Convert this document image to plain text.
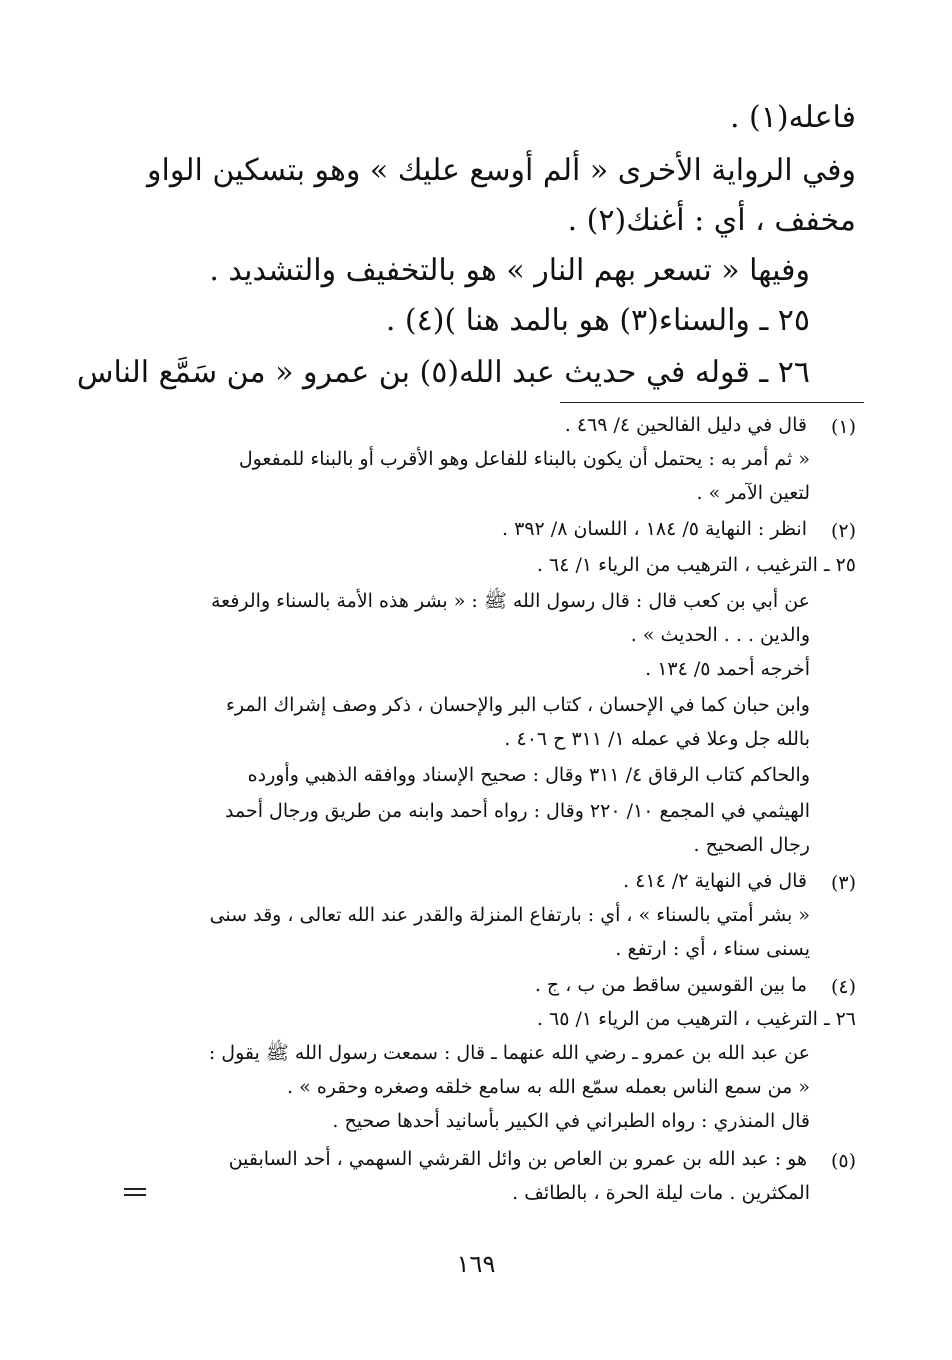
فاعله(١) .
وفي الرواية الأخرى « ألم أوسع عليك » وهو بتسكين الواو
مخفف ، أي : أغنك(٢) .
وفيها « تسعر بهم النار » هو بالتخفيف والتشديد .
٢٥ ـ والسناء(٣) هو بالمد هنا )(٤) .
٢٦ ـ قوله في حديث عبد الله(٥) بن عمرو « من سَمَّع الناس
(١)
قال في دليل الفالحين ٤/ ٤٦٩ .
« ثم أمر به : يحتمل أن يكون بالبناء للفاعل وهو الأقرب أو بالبناء للمفعول
لتعين الآمر » .
(٢)
انظر : النهاية ٥/ ١٨٤ ، اللسان ٨/ ٣٩٢ .
٢٥ ـ الترغيب ، الترهيب من الرياء ١/ ٦٤ .
عن أبي بن كعب قال : قال رسول الله ﷺ : « بشر هذه الأمة بالسناء والرفعة
والدين . . . الحديث » .
أخرجه أحمد ٥/ ١٣٤ .
وابن حبان كما في الإحسان ، كتاب البر والإحسان ، ذكر وصف إشراك المرء
بالله جل وعلا في عمله ١/ ٣١١ ح ٤٠٦ .
والحاكم كتاب الرقاق ٤/ ٣١١ وقال : صحيح الإسناد ووافقه الذهبي وأورده
الهيثمي في المجمع ١٠/ ٢٢٠ وقال : رواه أحمد وابنه من طريق ورجال أحمد
رجال الصحيح .
(٣)
قال في النهاية ٢/ ٤١٤ .
« بشر أمتي بالسناء » ، أي : بارتفاع المنزلة والقدر عند الله تعالى ، وقد سنى
يسنى سناء ، أي : ارتفع .
(٤)
ما بين القوسين ساقط من ب ، ج .
٢٦ ـ الترغيب ، الترهيب من الرياء ١/ ٦٥ .
عن عبد الله بن عمرو ـ رضي الله عنهما ـ قال : سمعت رسول الله ﷺ يقول :
« من سمع الناس بعمله سمّع الله به سامع خلقه وصغره وحقره » .
قال المنذري : رواه الطبراني في الكبير بأسانيد أحدها صحيح .
(٥)
هو : عبد الله بن عمرو بن العاص بن وائل القرشي السهمي ، أحد السابقين
المكثرين . مات ليلة الحرة ، بالطائف .
١٦٩
